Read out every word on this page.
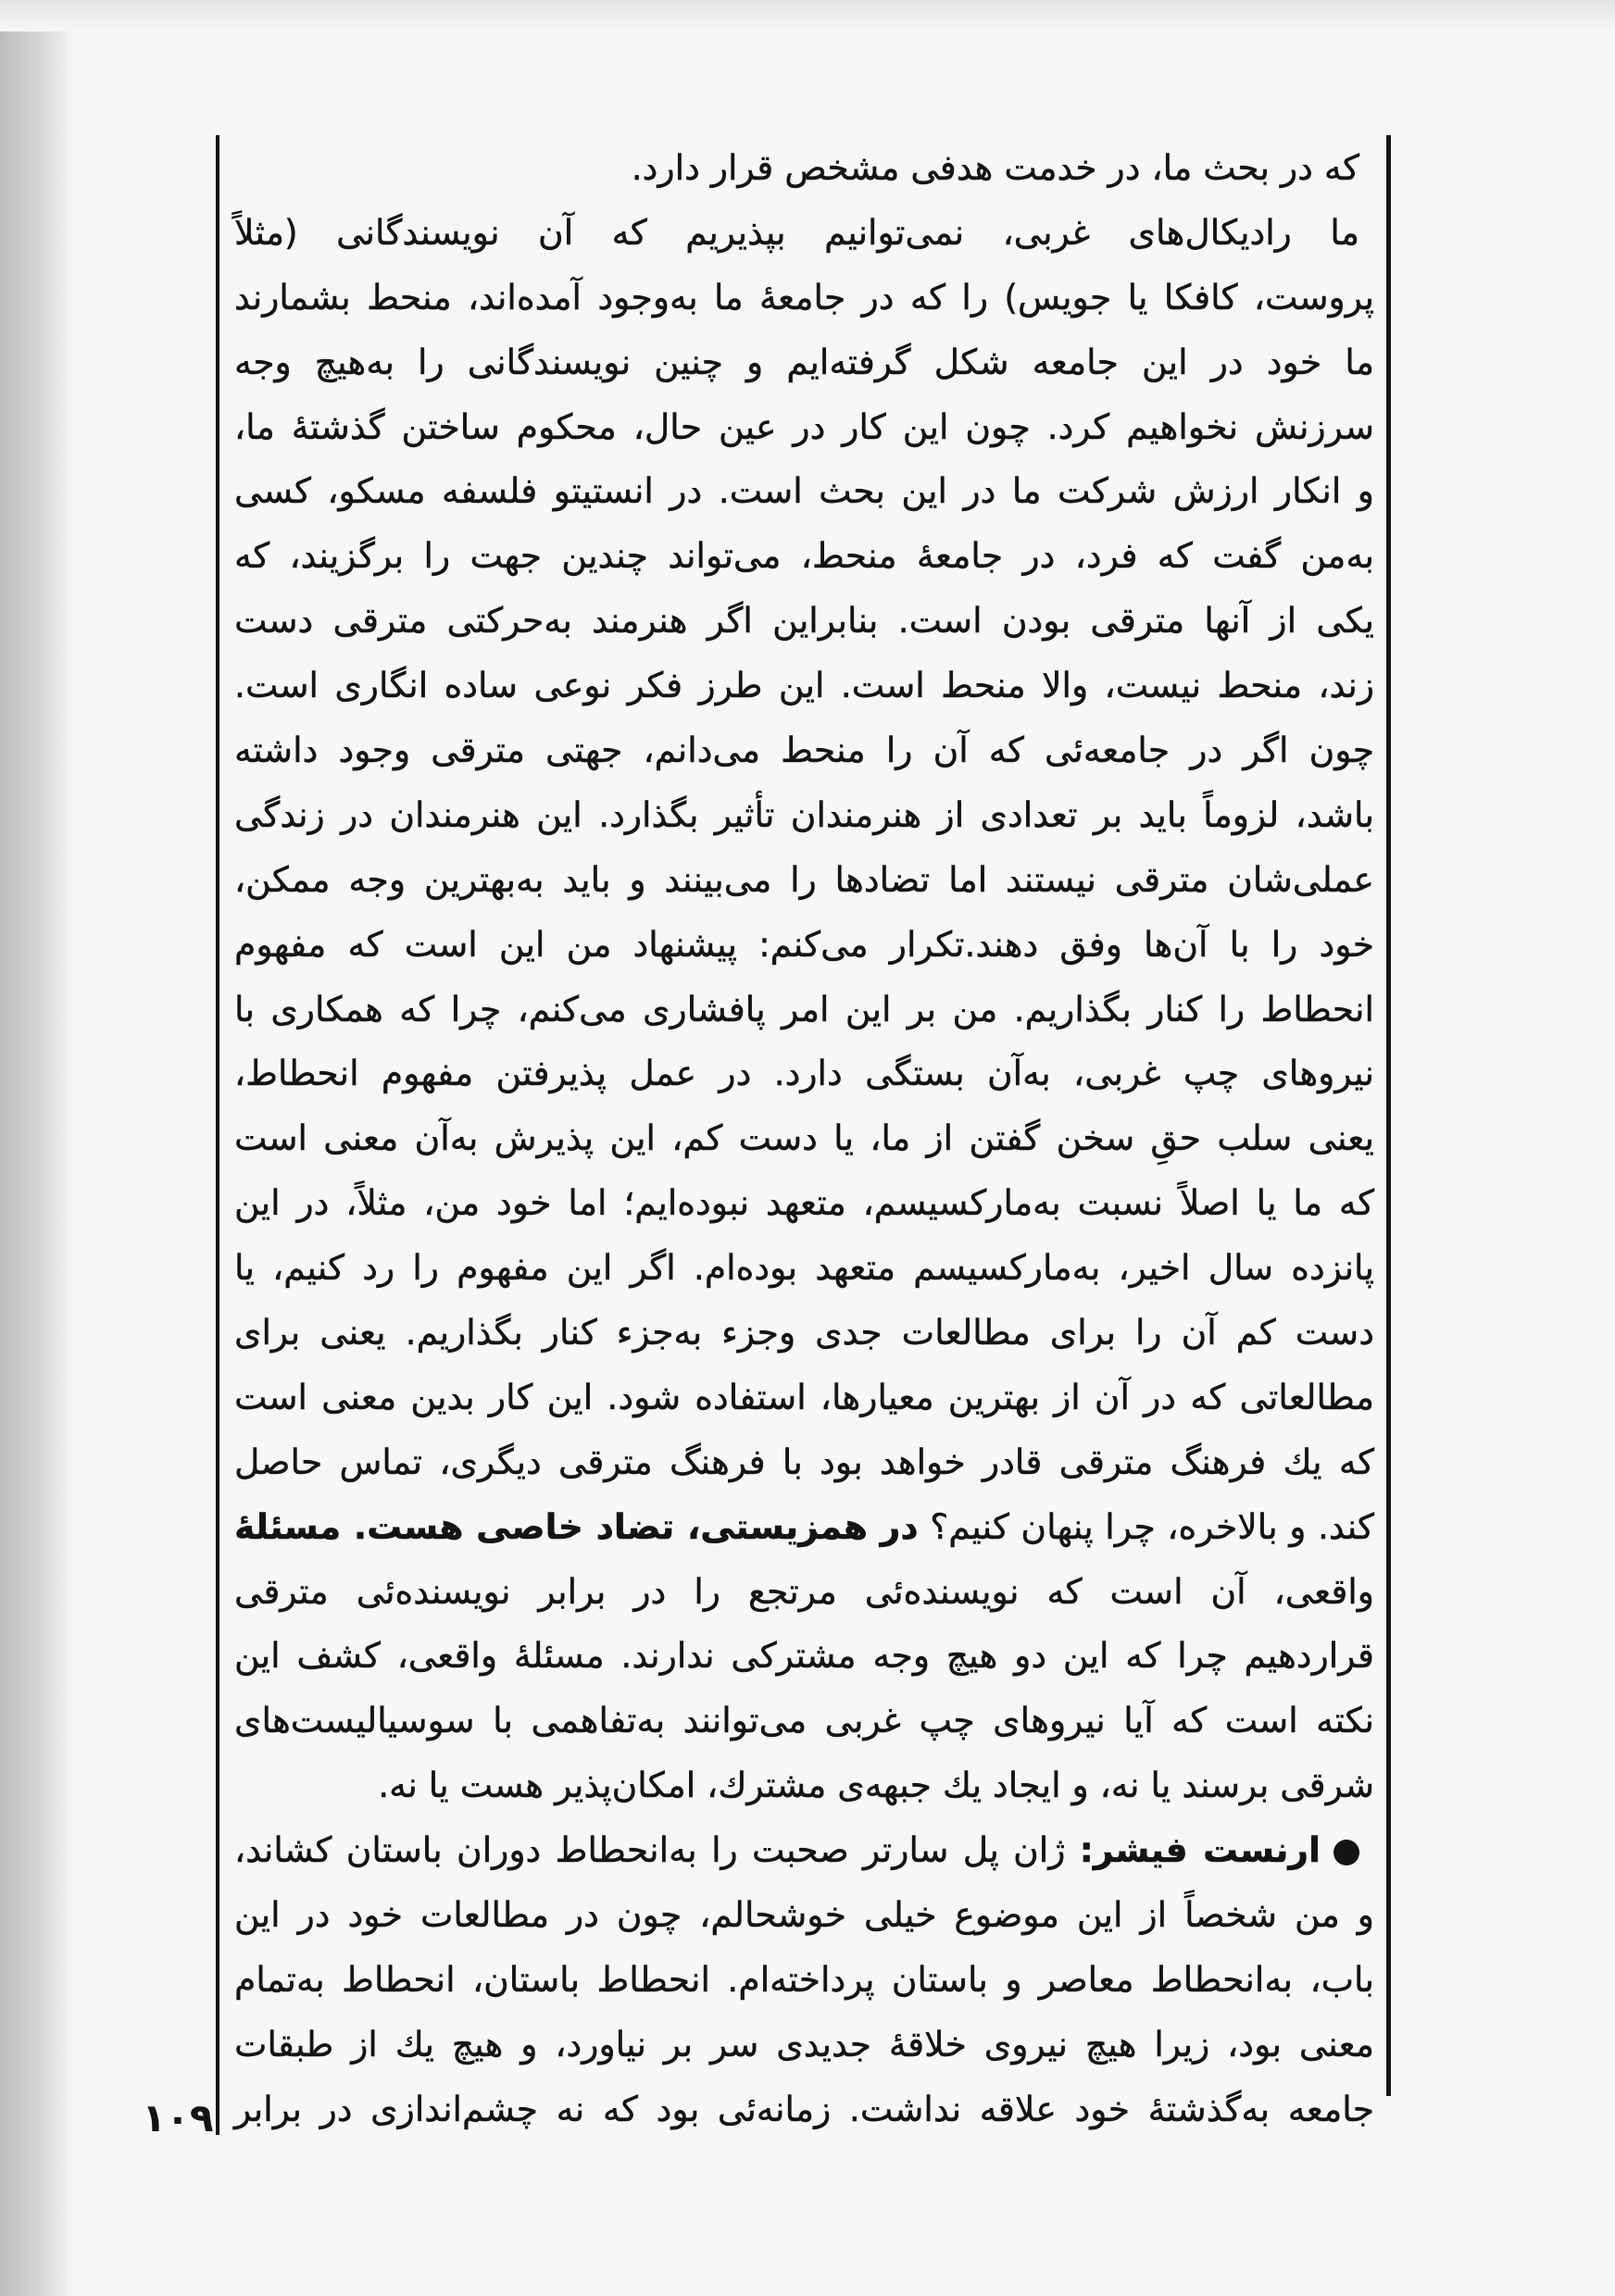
که در بحث ما، در خدمت هدفی مشخص قرار دارد.
ما رادیکال‌های غربی، نمی‌توانیم بپذیریم که آن نویسندگانی (مثلاً
پروست، کافکا یا جویس) را که در جامعهٔ ما به‌وجود آمده‌اند، منحط بشمارند
ما خود در این جامعه شکل گرفته‌ایم و چنین نویسندگانی را به‌هیچ وجه
سرزنش نخواهیم کرد. چون این کار در عین حال، محکوم ساختن گذشتهٔ ما،
و انکار ارزش شرکت ما در این بحث است. در انستیتو فلسفه مسکو، کسی
به‌من گفت که فرد، در جامعهٔ منحط، می‌تواند چندین جهت را برگزیند، که
یکی از آنها مترقی بودن است. بنابراین اگر هنرمند به‌حرکتی مترقی دست
زند، منحط نیست، والا منحط است. این طرز فکر نوعی ساده انگاری است.
چون اگر در جامعه‌ئی که آن را منحط می‌دانم، جهتی مترقی وجود داشته
باشد، لزوماً باید بر تعدادی از هنرمندان تأثیر بگذارد. این هنرمندان در زندگی
عملی‌شان مترقی نیستند اما تضادها را می‌بینند و باید به‌بهترین وجه ممکن،
خود را با آن‌ها وفق دهند.تکرار می‌کنم: پیشنهاد من این است که مفهوم
انحطاط را کنار بگذاریم. من بر این امر پافشاری می‌کنم، چرا که همکاری با
نیروهای چپ غربی، به‌آن بستگی دارد. در عمل پذیرفتن مفهوم انحطاط،
یعنی سلب حقِ سخن گفتن از ما، یا دست کم، این پذیرش به‌آن معنی است
که ما یا اصلاً نسبت به‌مارکسیسم، متعهد نبوده‌ایم؛ اما خود من، مثلاً، در این
پانزده سال اخیر، به‌مارکسیسم متعهد بوده‌ام. اگر این مفهوم را رد کنیم، یا
دست کم آن را برای مطالعات جدی وجزء به‌جزء کنار بگذاریم. یعنی برای
مطالعاتی که در آن از بهترین معیارها، استفاده شود. این کار بدین معنی است
که یك فرهنگ مترقی قادر خواهد بود با فرهنگ مترقی دیگری، تماس حاصل
کند. و بالاخره، چرا پنهان کنیم؟ در همزیستی، تضاد خاصی هست. مسئلهٔ
واقعی، آن است که نویسنده‌ئی مرتجع را در برابر نویسنده‌ئی مترقی
قراردهیم چرا که این دو هیچ وجه مشترکی ندارند. مسئلهٔ واقعی، کشف این
نکته است که آیا نیروهای چپ غربی می‌توانند به‌تفاهمی با سوسیالیست‌های
شرقی برسند یا نه، و ایجاد یك جبهه‌ی مشترك، امکان‌پذیر هست یا نه.
ارنست فیشر: ژان پل سارتر صحبت را به‌انحطاط دوران باستان کشاند،
و من شخصاً از این موضوع خیلی خوشحالم، چون در مطالعات خود در این
باب، به‌انحطاط معاصر و باستان پرداخته‌ام. انحطاط باستان، انحطاط به‌تمام
معنی بود، زیرا هیچ نیروی خلاقهٔ جدیدی سر بر نیاورد، و هیچ یك از طبقات
جامعه به‌گذشتهٔ خود علاقه نداشت. زمانه‌ئی بود که نه چشم‌اندازی در برابر
۱۰۹
